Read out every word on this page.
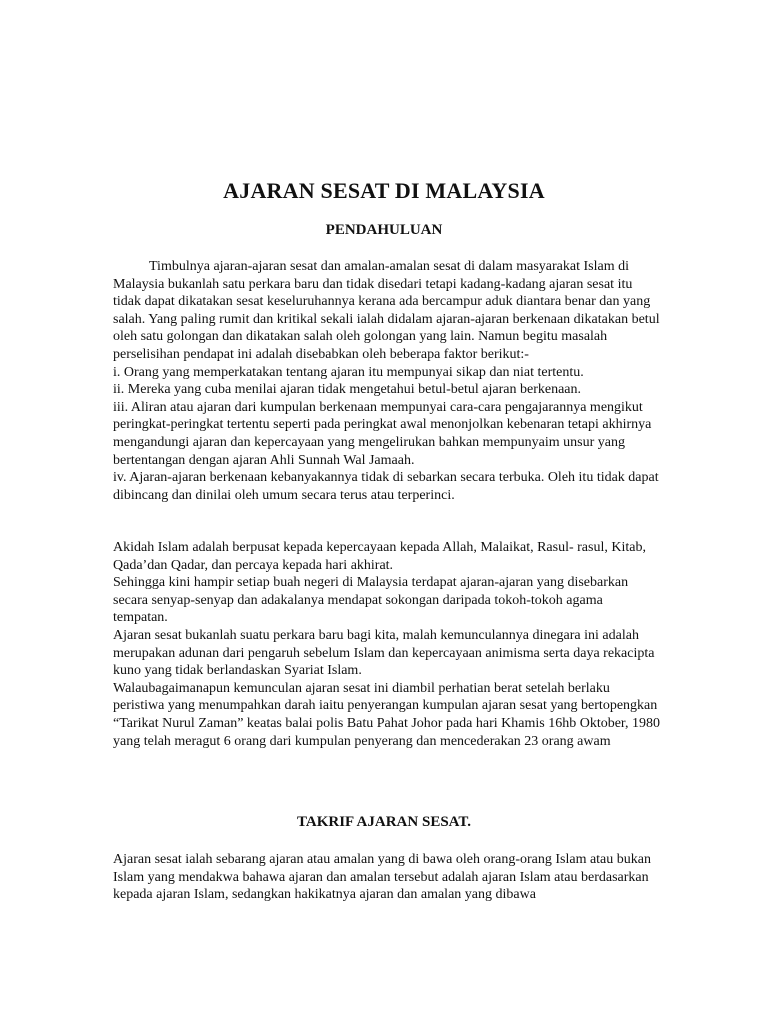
AJARAN SESAT DI MALAYSIA
PENDAHULUAN

Timbulnya ajaran-ajaran sesat dan amalan-amalan sesat di dalam masyarakat Islam di Malaysia bukanlah satu perkara baru dan tidak disedari tetapi kadang-kadang ajaran sesat itu tidak dapat dikatakan sesat keseluruhannya kerana ada bercampur aduk diantara benar dan yang salah. Yang paling rumit dan kritikal sekali ialah didalam ajaran-ajaran berkenaan dikatakan betul oleh satu golongan dan dikatakan salah oleh golongan yang lain. Namun begitu masalah perselisihan pendapat ini adalah disebabkan oleh beberapa faktor berikut:-

i. Orang yang memperkatakan tentang ajaran itu mempunyai sikap dan niat tertentu.

ii. Mereka yang cuba menilai ajaran tidak mengetahui betul-betul ajaran berkenaan.

iii. Aliran atau ajaran dari kumpulan berkenaan mempunyai cara-cara pengajarannya mengikut peringkat-peringkat tertentu seperti pada peringkat awal menonjolkan kebenaran tetapi akhirnya mengandungi ajaran dan kepercayaan yang mengelirukan bahkan mempunyaim unsur yang bertentangan dengan ajaran Ahli Sunnah Wal Jamaah.

iv. Ajaran-ajaran berkenaan kebanyakannya tidak di sebarkan secara terbuka. Oleh itu tidak dapat dibincang dan dinilai oleh umum secara terus atau terperinci.

Akidah Islam adalah berpusat kepada kepercayaan kepada Allah, Malaikat, Rasul- rasul, Kitab, Qada’dan Qadar, dan percaya kepada hari akhirat.

Sehingga kini hampir setiap buah negeri di Malaysia terdapat ajaran-ajaran yang disebarkan secara senyap-senyap dan adakalanya mendapat sokongan daripada tokoh-tokoh agama tempatan.

Ajaran sesat bukanlah suatu perkara baru bagi kita, malah kemunculannya dinegara ini adalah merupakan adunan dari pengaruh sebelum Islam dan kepercayaan animisma serta daya rekacipta kuno yang tidak berlandaskan Syariat Islam.

Walaubagaimanapun kemunculan ajaran sesat ini diambil perhatian berat setelah berlaku peristiwa yang menumpahkan darah iaitu penyerangan kumpulan ajaran sesat yang bertopengkan “Tarikat Nurul Zaman” keatas balai polis Batu Pahat Johor pada hari Khamis 16hb Oktober, 1980 yang telah meragut 6 orang dari kumpulan penyerang dan mencederakan 23 orang awam

TAKRIF AJARAN SESAT.

Ajaran sesat ialah sebarang ajaran atau amalan yang di bawa oleh orang-orang Islam atau bukan Islam yang mendakwa bahawa ajaran dan amalan tersebut adalah ajaran Islam atau berdasarkan kepada ajaran Islam, sedangkan hakikatnya ajaran dan amalan yang dibawa
